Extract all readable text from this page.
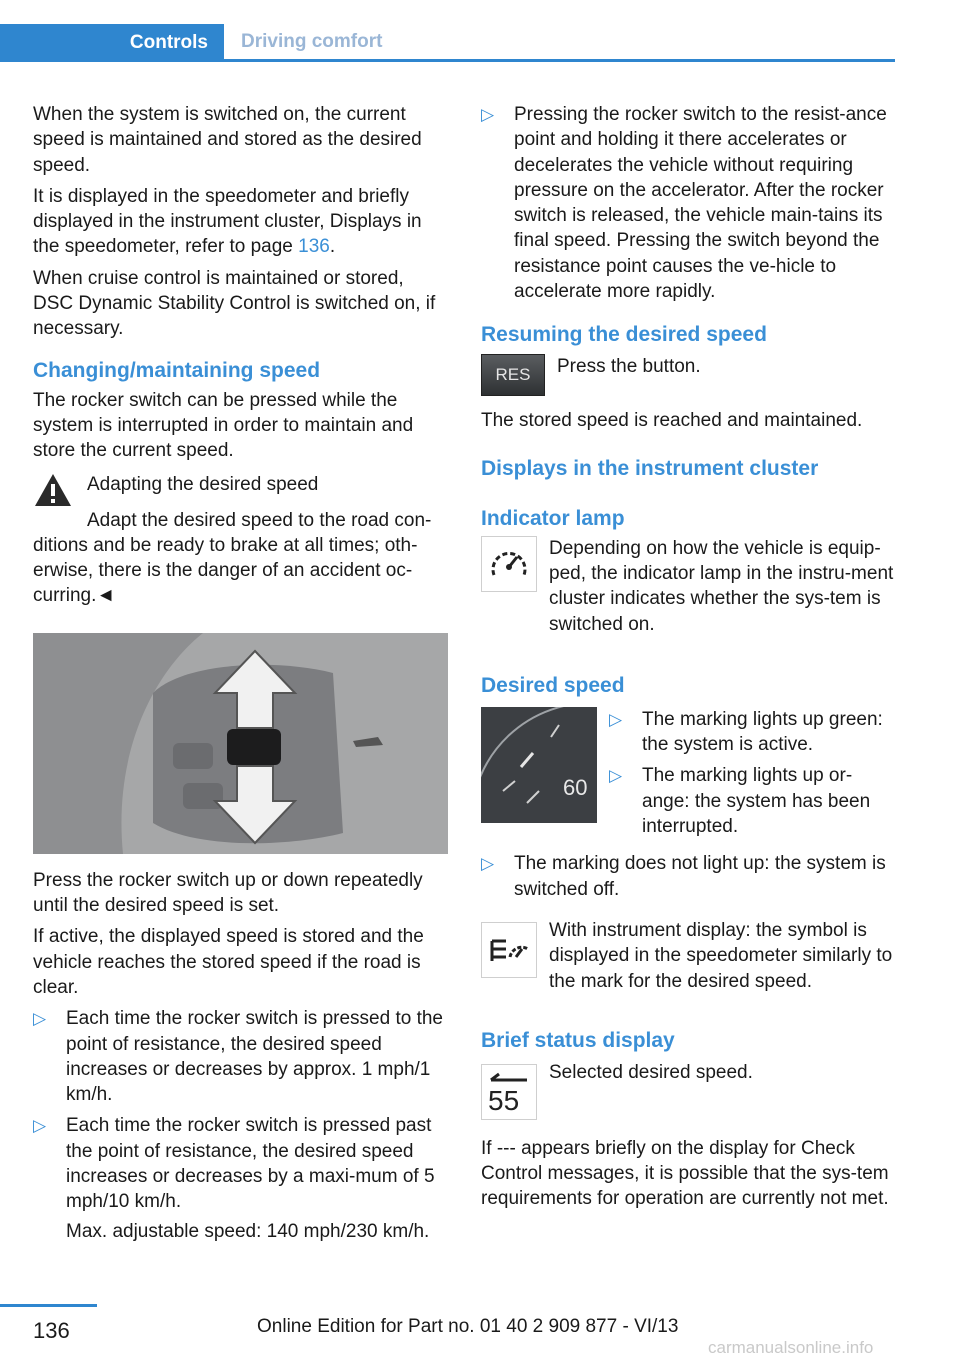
Controls	Driving comfort

When the system is switched on, the current speed is maintained and stored as the desired speed.

It is displayed in the speedometer and briefly displayed in the instrument cluster, Displays in the speedometer, refer to page 136.

When cruise control is maintained or stored, DSC Dynamic Stability Control is switched on, if necessary.

Changing/maintaining speed

The rocker switch can be pressed while the system is interrupted in order to maintain and store the current speed.

Adapting the desired speed

Adapt the desired speed to the road con-ditions and be ready to brake at all times; oth-erwise, there is the danger of an accident oc-curring.◄

Press the rocker switch up or down repeatedly until the desired speed is set.

If active, the displayed speed is stored and the vehicle reaches the stored speed if the road is clear.

▷	Each time the rocker switch is pressed to the point of resistance, the desired speed increases or decreases by approx. 1 mph/1 km/h.
▷	Each time the rocker switch is pressed past the point of resistance, the desired speed increases or decreases by a maxi-mum of 5 mph/10 km/h.

Max. adjustable speed: 140 mph/230 km/h.

▷	Pressing the rocker switch to the resist-ance point and holding it there accelerates or decelerates the vehicle without requiring pressure on the accelerator. After the rocker switch is released, the vehicle main-tains its final speed. Pressing the switch beyond the resistance point causes the ve-hicle to accelerate more rapidly.

Resuming the desired speed

RES	Press the button.

The stored speed is reached and maintained.

Displays in the instrument cluster

Indicator lamp

Depending on how the vehicle is equip-ped, the indicator lamp in the instru-ment cluster indicates whether the sys-tem is switched on.

Desired speed

60
▷	The marking lights up green: the system is active.
▷	The marking lights up or-ange: the system has been interrupted.
▷	The marking does not light up: the system is switched off.

With instrument display: the symbol is displayed in the speedometer similarly to the mark for the desired speed.

Brief status display

55

Selected desired speed.

If --- appears briefly on the display for Check Control messages, it is possible that the sys-tem requirements for operation are currently not met.

136	Online Edition for Part no. 01 40 2 909 877 - VI/13
carmanualsonline.info
